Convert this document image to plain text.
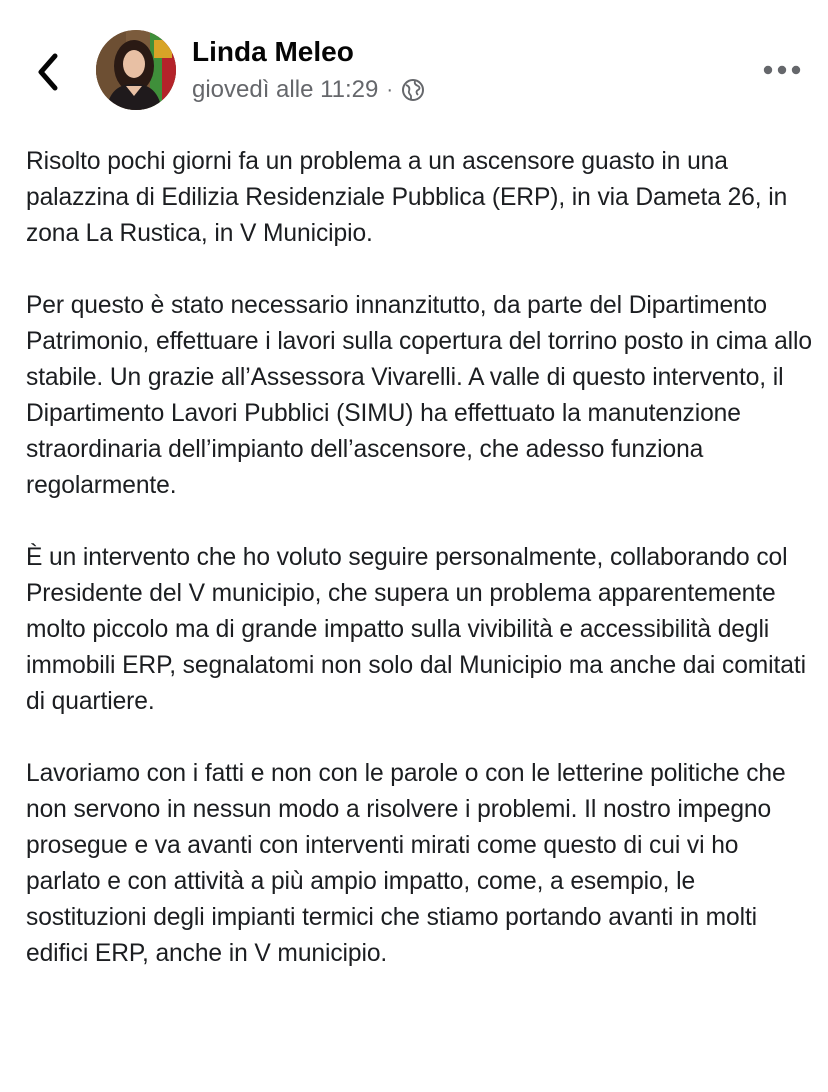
Linda Meleo
giovedì alle 11:29 ·

Risolto pochi giorni fa un problema a un ascensore guasto in una palazzina di Edilizia Residenziale Pubblica (ERP), in via Dameta 26, in zona La Rustica, in V Municipio.

Per questo è stato necessario innanzitutto, da parte del Dipartimento Patrimonio, effettuare i lavori sulla copertura del torrino posto in cima allo stabile. Un grazie all’Assessora Vivarelli. A valle di questo intervento, il Dipartimento Lavori Pubblici (SIMU) ha effettuato la manutenzione straordinaria dell’impianto dell’ascensore, che adesso funziona regolarmente.

È un intervento che ho voluto seguire personalmente, collaborando col Presidente del V municipio, che supera un problema apparentemente molto piccolo ma di grande impatto sulla vivibilità e accessibilità degli immobili ERP, segnalatomi non solo dal Municipio ma anche dai comitati di quartiere.

Lavoriamo con i fatti e non con le parole o con le letterine politiche che non servono in nessun modo a risolvere i problemi. Il nostro impegno prosegue e va avanti con interventi mirati come questo di cui vi ho parlato e con attività a più ampio impatto, come, a esempio, le sostituzioni degli impianti termici che stiamo portando avanti in molti edifici ERP, anche in V municipio.
